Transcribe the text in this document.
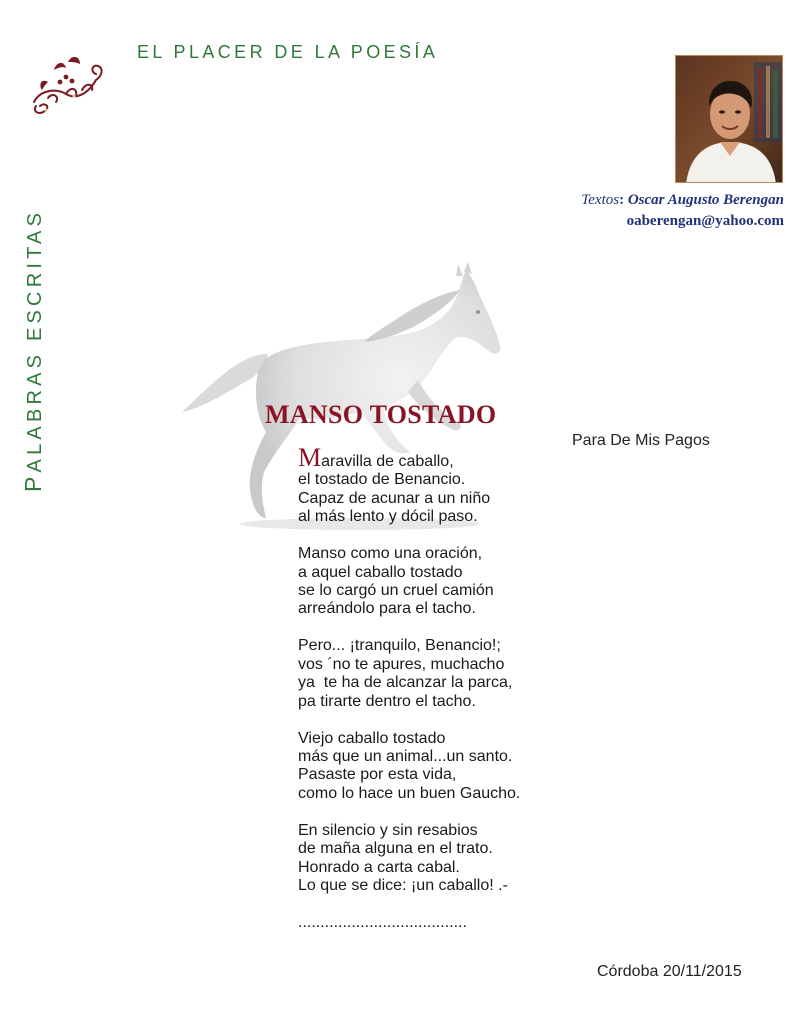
EL PLACER DE LA POESÍA
PALABRAS ESCRITAS
Textos: Oscar Augusto Berengan
oaberengan@yahoo.com
MANSO TOSTADO
Para De Mis Pagos
Maravilla de caballo,
el tostado de Benancio.
Capaz de acunar a un niño
al más lento y dócil paso.
Manso como una oración,
a aquel caballo tostado
se lo cargó un cruel camión
arreándolo para el tacho.
Pero... ¡tranquilo, Benancio!;
vos ´no te apures, muchacho
ya  te ha de alcanzar la parca,
pa tirarte dentro el tacho.
Viejo caballo tostado
más que un animal...un santo.
Pasaste por esta vida,
como lo hace un buen Gaucho.
En silencio y sin resabios
de maña alguna en el trato.
Honrado a carta cabal.
Lo que se dice: ¡un caballo! .-
......................................
Córdoba 20/11/2015
